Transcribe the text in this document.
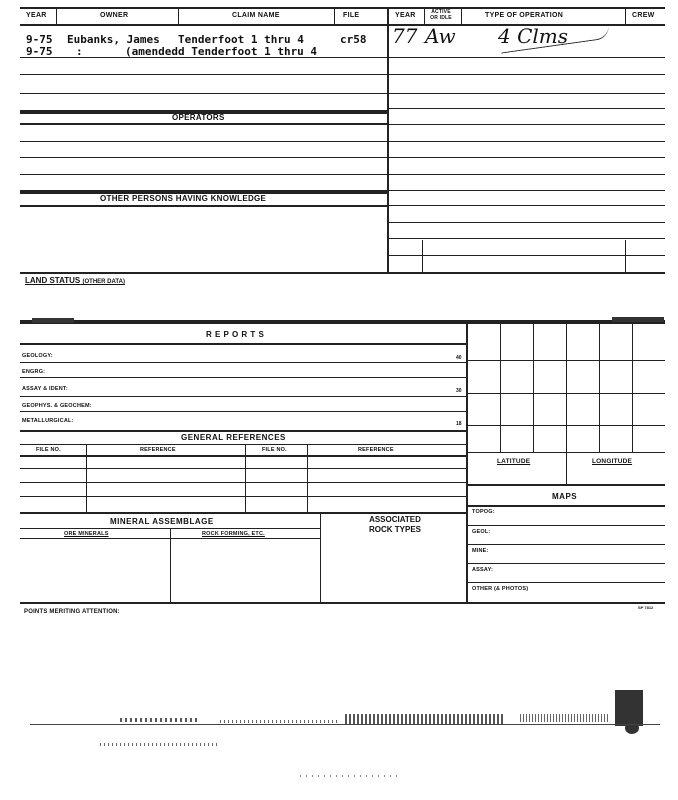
YEAR	OWNER	CLAIM NAME	FILE	YEAR	ACTIVE OR IDLE	TYPE OF OPERATION	CREW
9-75 Eubanks, James Tenderfoot 1 thru 4	cr58
9-75 :	(amendedd Tenderfoot 1 thru 4
77 Aw 4 Clms
OPERATORS
OTHER PERSONS HAVING KNOWLEDGE
LAND STATUS (OTHER DATA)
R E P O R T S
GEOLOGY:	40
ENGRG:
ASSAY & IDENT:	30
GEOPHYS. & GEOCHEM:
METALLURGICAL:	18
GENERAL REFERENCES
FILE NO.	REFERENCE	FILE NO.	REFERENCE
MINERAL ASSEMBLAGE
ORE MINERALS	ROCK FORMING, ETC.
ASSOCIATED
ROCK TYPES
LATITUDE	LONGITUDE
MAPS
TOPOG:
GEOL:
MINE:
ASSAY:
OTHER (& PHOTOS)
POINTS MERITING ATTENTION:
SP 7812
